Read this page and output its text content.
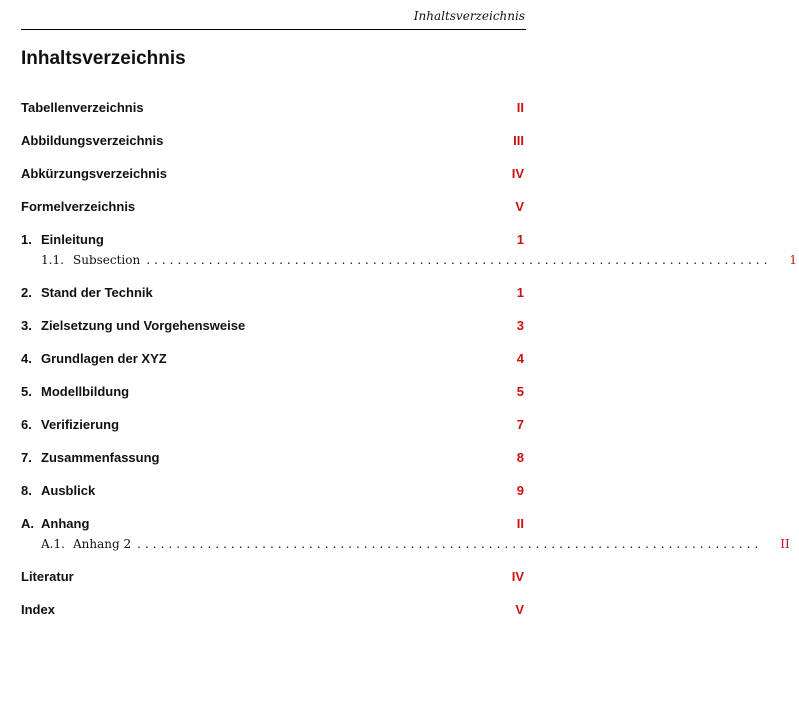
Inhaltsverzeichnis
Inhaltsverzeichnis
Tabellenverzeichnis	II
Abbildungsverzeichnis	III
Abkürzungsverzeichnis	IV
Formelverzeichnis	V
1. Einleitung	1
1.1. Subsection ................................................................................ 1
2. Stand der Technik	1
3. Zielsetzung und Vorgehensweise	3
4. Grundlagen der XYZ	4
5. Modellbildung	5
6. Verifizierung	7
7. Zusammenfassung	8
8. Ausblick	9
A. Anhang	II
A.1. Anhang 2 ................................................................................ II
Literatur	IV
Index	V
